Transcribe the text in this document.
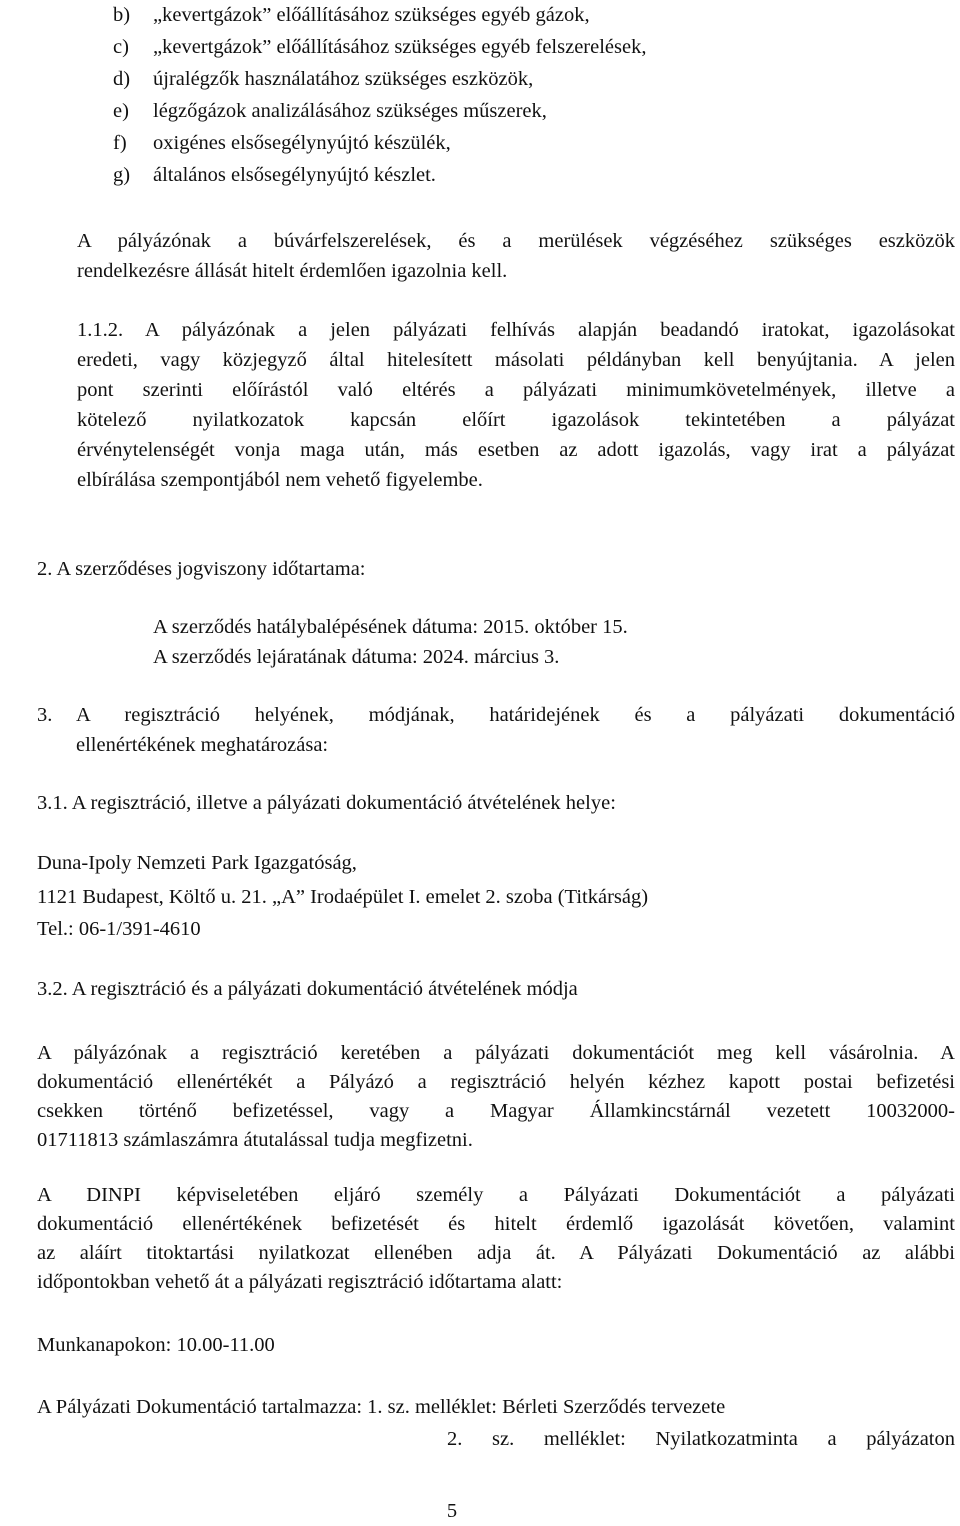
b) „kevertgázok” előállításához szükséges egyéb gázok,
c) „kevertgázok” előállításához szükséges egyéb felszerelések,
d) újralégzők használatához szükséges eszközök,
e) légzőgázok analizálásához szükséges műszerek,
f) oxigénes elsősegélynyújtó készülék,
g) általános elsősegélynyújtó készlet.
A pályázónak a búvárfelszerelések, és a merülések végzéséhez szükséges eszközök
rendelkezésre állását hitelt érdemlően igazolnia kell.
1.1.2. A pályázónak a jelen pályázati felhívás alapján beadandó iratokat, igazolásokat
eredeti, vagy közjegyző által hitelesített másolati példányban kell benyújtania. A jelen
pont szerinti előírástól való eltérés a pályázati minimumkövetelmények, illetve a
kötelező nyilatkozatok kapcsán előírt igazolások tekintetében a pályázat
érvénytelenségét vonja maga után, más esetben az adott igazolás, vagy irat a pályázat
elbírálása szempontjából nem vehető figyelembe.
2. A szerződéses jogviszony időtartama:
A szerződés hatálybalépésének dátuma: 2015. október 15.
A szerződés lejáratának dátuma: 2024. március 3.
3. A regisztráció helyének, módjának, határidejének és a pályázati dokumentáció
ellenértékének meghatározása:
3.1. A regisztráció, illetve a pályázati dokumentáció átvételének helye:
Duna-Ipoly Nemzeti Park Igazgatóság,
1121 Budapest, Költő u. 21. „A” Irodaépület I. emelet 2. szoba (Titkárság)
Tel.: 06-1/391-4610
3.2. A regisztráció és a pályázati dokumentáció átvételének módja
A pályázónak a regisztráció keretében a pályázati dokumentációt meg kell vásárolnia. A
dokumentáció ellenértékét a Pályázó a regisztráció helyén kézhez kapott postai befizetési
csekken történő befizetéssel, vagy a Magyar Államkincstárnál vezetett 10032000-
01711813 számlaszámra átutalással tudja megfizetni.
A DINPI képviseletében eljáró személy a Pályázati Dokumentációt a pályázati
dokumentáció ellenértékének befizetését és hitelt érdemlő igazolását követően, valamint
az aláírt titoktartási nyilatkozat ellenében adja át. A Pályázati Dokumentáció az alábbi
időpontokban vehető át a pályázati regisztráció időtartama alatt:
Munkanapokon: 10.00-11.00
A Pályázati Dokumentáció tartalmazza: 1. sz. melléklet: Bérleti Szerződés tervezete
2. sz. melléklet: Nyilatkozatminta a pályázaton
5
